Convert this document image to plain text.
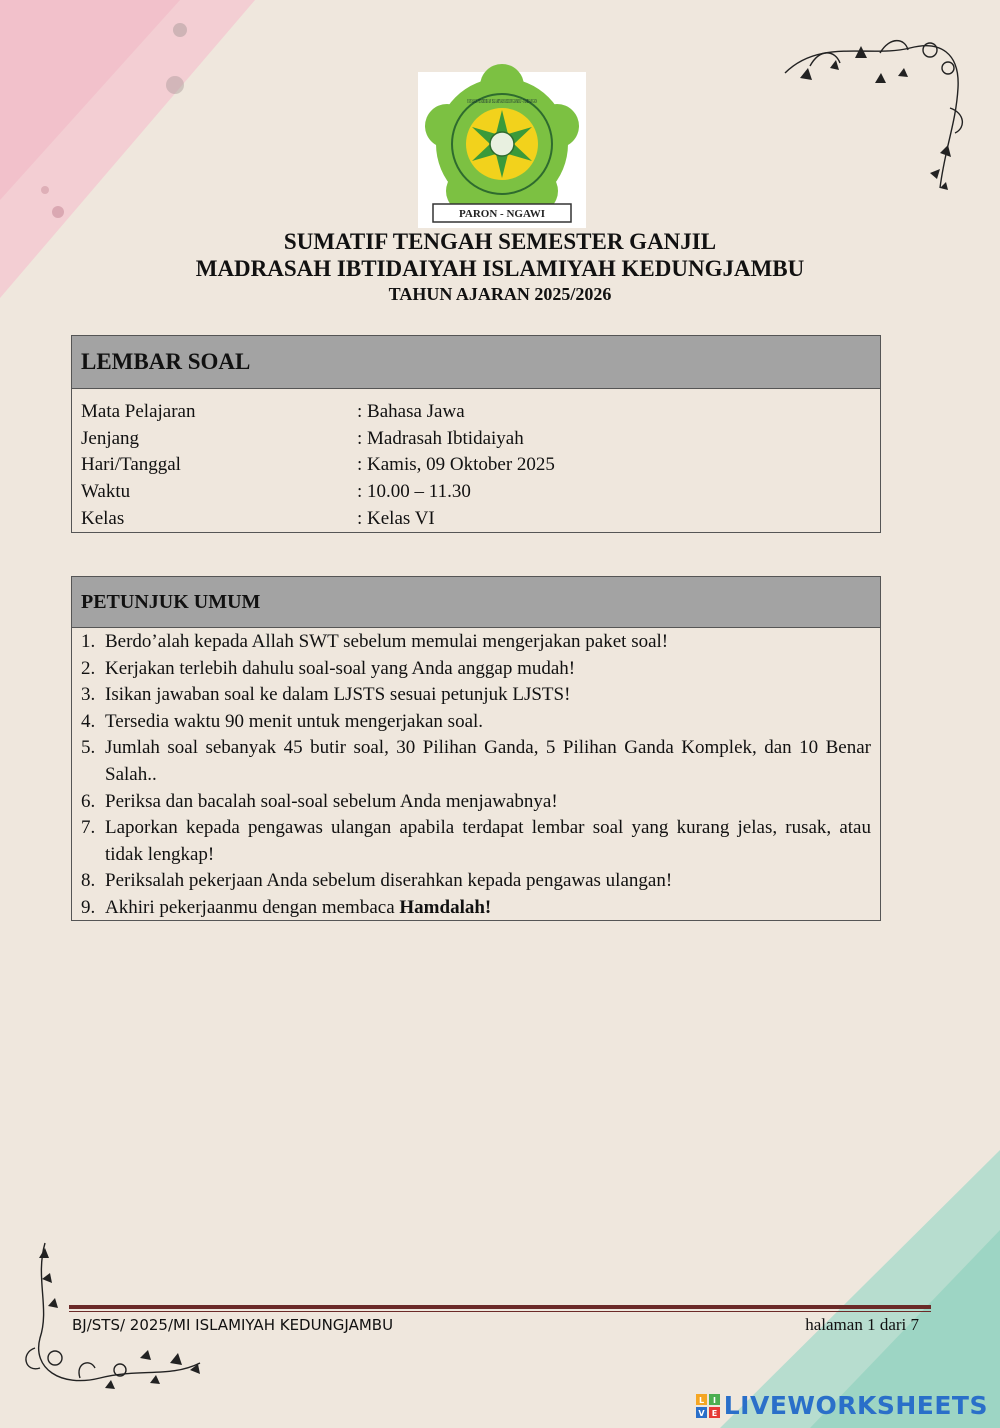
YAYASAN PENDIDIKAN ISLAMIYAH KEDUNGJAMBU - JAMBANGAN
PARON - NGAWI
SUMATIF TENGAH SEMESTER GANJIL
MADRASAH IBTIDAIYAH ISLAMIYAH KEDUNGJAMBU
TAHUN AJARAN 2025/2026
LEMBAR SOAL
Mata Pelajaran	: Bahasa Jawa
Jenjang	: Madrasah Ibtidaiyah
Hari/Tanggal	: Kamis, 09 Oktober 2025
Waktu	: 10.00 – 11.30
Kelas	: Kelas VI
PETUNJUK UMUM
1. Berdo’alah kepada Allah SWT sebelum memulai mengerjakan paket soal!
2. Kerjakan terlebih dahulu soal-soal yang Anda anggap mudah!
3. Isikan jawaban soal ke dalam LJSTS sesuai petunjuk LJSTS!
4. Tersedia waktu 90 menit untuk mengerjakan soal.
5. Jumlah soal sebanyak 45 butir soal, 30 Pilihan Ganda, 5 Pilihan Ganda Komplek, dan 10 Benar Salah..
6. Periksa dan bacalah soal-soal sebelum Anda menjawabnya!
7. Laporkan kepada pengawas ulangan apabila terdapat lembar soal yang kurang jelas, rusak, atau tidak lengkap!
8. Periksalah pekerjaan Anda sebelum diserahkan kepada pengawas ulangan!
9. Akhiri pekerjaanmu dengan membaca Hamdalah!
BJ/STS/ 2025/MI ISLAMIYAH KEDUNGJAMBU	halaman 1 dari 7
L I
V E LIVEWORKSHEETS
